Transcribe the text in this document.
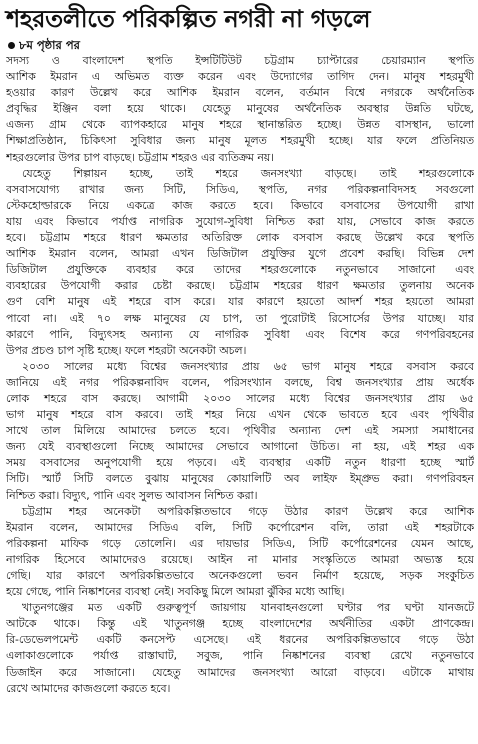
শহরতলীতে পরিকল্পিত নগরী না গড়লে
৮ম পৃষ্ঠার পর
সদস্য ও বাংলাদেশ স্থপতি ইন্সটিটিউট চট্টগ্রাম চ্যাপ্টারের চেয়ারম্যান স্থপতি
আশিক ইমরান এ অভিমত ব্যক্ত করেন এবং উদ্যোগের তাগিদ দেন। মানুষ শহরমুখী
হওয়ার কারণ উল্লেখ করে আশিক ইমরান বলেন, বর্তমান বিশ্বে নগরকে অর্থনৈতিক
প্রবৃদ্ধির ইঞ্জিন বলা হয়ে থাকে। যেহেতু মানুষের অর্থনৈতিক অবস্থার উন্নতি ঘটছে,
এজন্য গ্রাম থেকে ব্যাপকহারে মানুষ শহরে স্থানান্তরিত হচ্ছে। উন্নত বাসস্থান, ভালো
শিক্ষাপ্রতিষ্ঠান, চিকিৎসা সুবিধার জন্য মানুষ মূলত শহরমুখী হচ্ছে। যার ফলে প্রতিনিয়ত
শহরগুলোর উপর চাপ বাড়ছে। চট্টগ্রাম শহরও এর ব্যতিক্রম নয়।
যেহেতু শিল্পায়ন হচ্ছে, তাই শহরে জনসংখ্যা বাড়ছে। তাই শহরগুলোকে
বসবাসযোগ্য রাখার জন্য সিটি, সিডিএ, স্থপতি, নগর পরিকল্পনাবিদসহ সবগুলো
স্টেকহোল্ডারকে নিয়ে একত্রে কাজ করতে হবে। কিভাবে বসবাসের উপযোগী রাখা
যায় এবং কিভাবে পর্যাপ্ত নাগরিক সুযোগ-সুবিধা নিশ্চিত করা যায়, সেভাবে কাজ করতে
হবে। চট্টগ্রাম শহরে ধারণ ক্ষমতার অতিরিক্ত লোক বসবাস করছে উল্লেখ করে স্থপতি
আশিক ইমরান বলেন, আমরা এখন ডিজিটাল প্রযুক্তির যুগে প্রবেশ করছি। বিভিন্ন দেশ
ডিজিটাল প্রযুক্তিকে ব্যবহার করে তাদের শহরগুলোকে নতুনভাবে সাজানো এবং
ব্যবহারের উপযোগী করার চেষ্টা করছে। চট্টগ্রাম শহরের ধারণ ক্ষমতার তুলনায় অনেক
গুণ বেশি মানুষ এই শহরে বাস করে। যার কারণে হয়তো আদর্শ শহর হয়তো আমরা
পাবো না। এই ৭০ লক্ষ মানুষের যে চাপ, তা পুরোটাই রিসোর্সের উপর যাচ্ছে। যার
কারণে পানি, বিদ্যুৎসহ অন্যান্য যে নাগরিক সুবিধা এবং বিশেষ করে গণপরিবহনের
উপর প্রচণ্ড চাপ সৃষ্টি হচ্ছে। ফলে শহরটা অনেকটা অচল।
২০৩০ সালের মধ্যে বিশ্বের জনসংখ্যার প্রায় ৬৫ ভাগ মানুষ শহরে বসবাস করবে
জানিয়ে এই নগর পরিকল্পনাবিদ বলেন, পরিসংখ্যান বলছে, বিশ্ব জনসংখ্যার প্রায় অর্ধেক
লোক শহরে বাস করছে। আগামী ২০৩০ সালের মধ্যে বিশ্বের জনসংখ্যার প্রায় ৬৫
ভাগ মানুষ শহরে বাস করবে। তাই শহর নিয়ে এখন থেকে ভাবতে হবে এবং পৃথিবীর
সাথে তাল মিলিয়ে আমাদের চলতে হবে। পৃথিবীর অন্যান্য দেশ এই সমস্যা সমাধানের
জন্য যেই ব্যবস্থাগুলো নিচ্ছে আমাদের সেভাবে আগানো উচিত। না হয়, এই শহর এক
সময় বসবাসের অনুপযোগী হয়ে পড়বে। এই ব্যবস্থার একটি নতুন ধারণা হচ্ছে স্মার্ট
সিটি। স্মার্ট সিটি বলতে বুঝায় মানুষের কোয়ালিটি অব লাইফ ইম্প্রুভ করা। গণপরিবহন
নিশ্চিত করা। বিদ্যুৎ, পানি এবং সুলভ আবাসন নিশ্চিত করা।
চট্টগ্রাম শহর অনেকটা অপরিকল্পিতভাবে গড়ে উঠার কারণ উল্লেখ করে আশিক
ইমরান বলেন, আমাদের সিডিএ বলি, সিটি কর্পোরেশন বলি, তারা এই শহরটাকে
পরিকল্পনা মাফিক গড়ে তোলেনি। এর দায়ভার সিডিএ, সিটি কর্পোরেশনের যেমন আছে,
নাগরিক হিসেবে আমাদেরও রয়েছে। আইন না মানার সংস্কৃতিতে আমরা অভ্যস্ত হয়ে
গেছি। যার কারণে অপরিকল্পিতভাবে অনেকগুলো ভবন নির্মাণ হয়েছে, সড়ক সংকুচিত
হয়ে গেছে, পানি নিষ্কাশনের ব্যবস্থা নেই। সবকিছু মিলে আমরা ঝুঁকির মধ্যে আছি।
খাতুনগঞ্জের মত একটি গুরুত্বপূর্ণ জায়গায় যানবাহনগুলো ঘণ্টার পর ঘণ্টা যানজটে
আটকে থাকে। কিন্তু এই খাতুনগঞ্জ হচ্ছে বাংলাদেশের অর্থনীতির একটা প্রাণকেন্দ্র।
রি-ডেভেলপমেন্ট একটি কনসেপ্ট এসেছে। এই ধরনের অপরিকল্পিতভাবে গড়ে উঠা
এলাকাগুলোকে পর্যাপ্ত রাস্তাঘাট, সবুজ, পানি নিষ্কাশনের ব্যবস্থা রেখে নতুনভাবে
ডিজাইন করে সাজানো। যেহেতু আমাদের জনসংখ্যা আরো বাড়বে। এটাকে মাথায়
রেখে আমাদের কাজগুলো করতে হবে।
